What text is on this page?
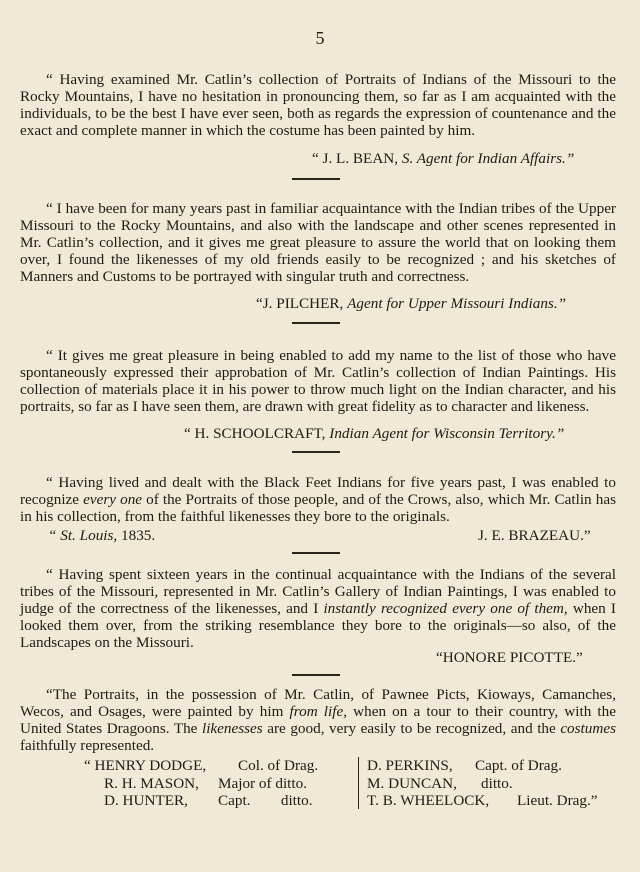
5

“ Having examined Mr. Catlin’s collection of Portraits of Indians of the Missouri to the Rocky Mountains, I have no hesitation in pronouncing them, so far as I am acquainted with the individuals, to be the best I have ever seen, both as regards the expression of countenance and the exact and complete manner in which the costume has been painted by him.

“ J. L. BEAN, S. Agent for Indian Affairs.”

“ I have been for many years past in familiar acquaintance with the Indian tribes of the Upper Missouri to the Rocky Mountains, and also with the landscape and other scenes represented in Mr. Catlin’s collection, and it gives me great pleasure to assure the world that on looking them over, I found the likenesses of my old friends easily to be recognized ; and his sketches of Manners and Customs to be portrayed with singular truth and correctness.

“J. PILCHER, Agent for Upper Missouri Indians.”

“ It gives me great pleasure in being enabled to add my name to the list of those who have spontaneously expressed their approbation of Mr. Catlin’s collection of Indian Paintings. His collection of materials place it in his power to throw much light on the Indian character, and his portraits, so far as I have seen them, are drawn with great fidelity as to character and likeness.

“ H. SCHOOLCRAFT, Indian Agent for Wisconsin Territory.”

“ Having lived and dealt with the Black Feet Indians for five years past, I was enabled to recognize every one of the Portraits of those people, and of the Crows, also, which Mr. Catlin has in his collection, from the faithful likenesses they bore to the originals.

“ St. Louis, 1835.	J. E. BRAZEAU.”

“ Having spent sixteen years in the continual acquaintance with the Indians of the several tribes of the Missouri, represented in Mr. Catlin’s Gallery of Indian Paintings, I was enabled to judge of the correctness of the likenesses, and I instantly recognized every one of them, when I looked them over, from the striking resemblance they bore to the originals—so also, of the Landscapes on the Missouri.

“HONORE PICOTTE.”

“The Portraits, in the possession of Mr. Catlin, of Pawnee Picts, Kioways, Camanches, Wecos, and Osages, were painted by him from life, when on a tour to their country, with the United States Dragoons. The likenesses are good, very easily to be recognized, and the costumes faithfully represented.

“ HENRY DODGE,	Col. of Drag.
R. H. MASON,	Major of ditto.
D. HUNTER,	Capt.        ditto.
D. PERKINS,	Capt. of Drag.
M. DUNCAN,	ditto.
T. B. WHEELOCK,	Lieut. Drag.”
